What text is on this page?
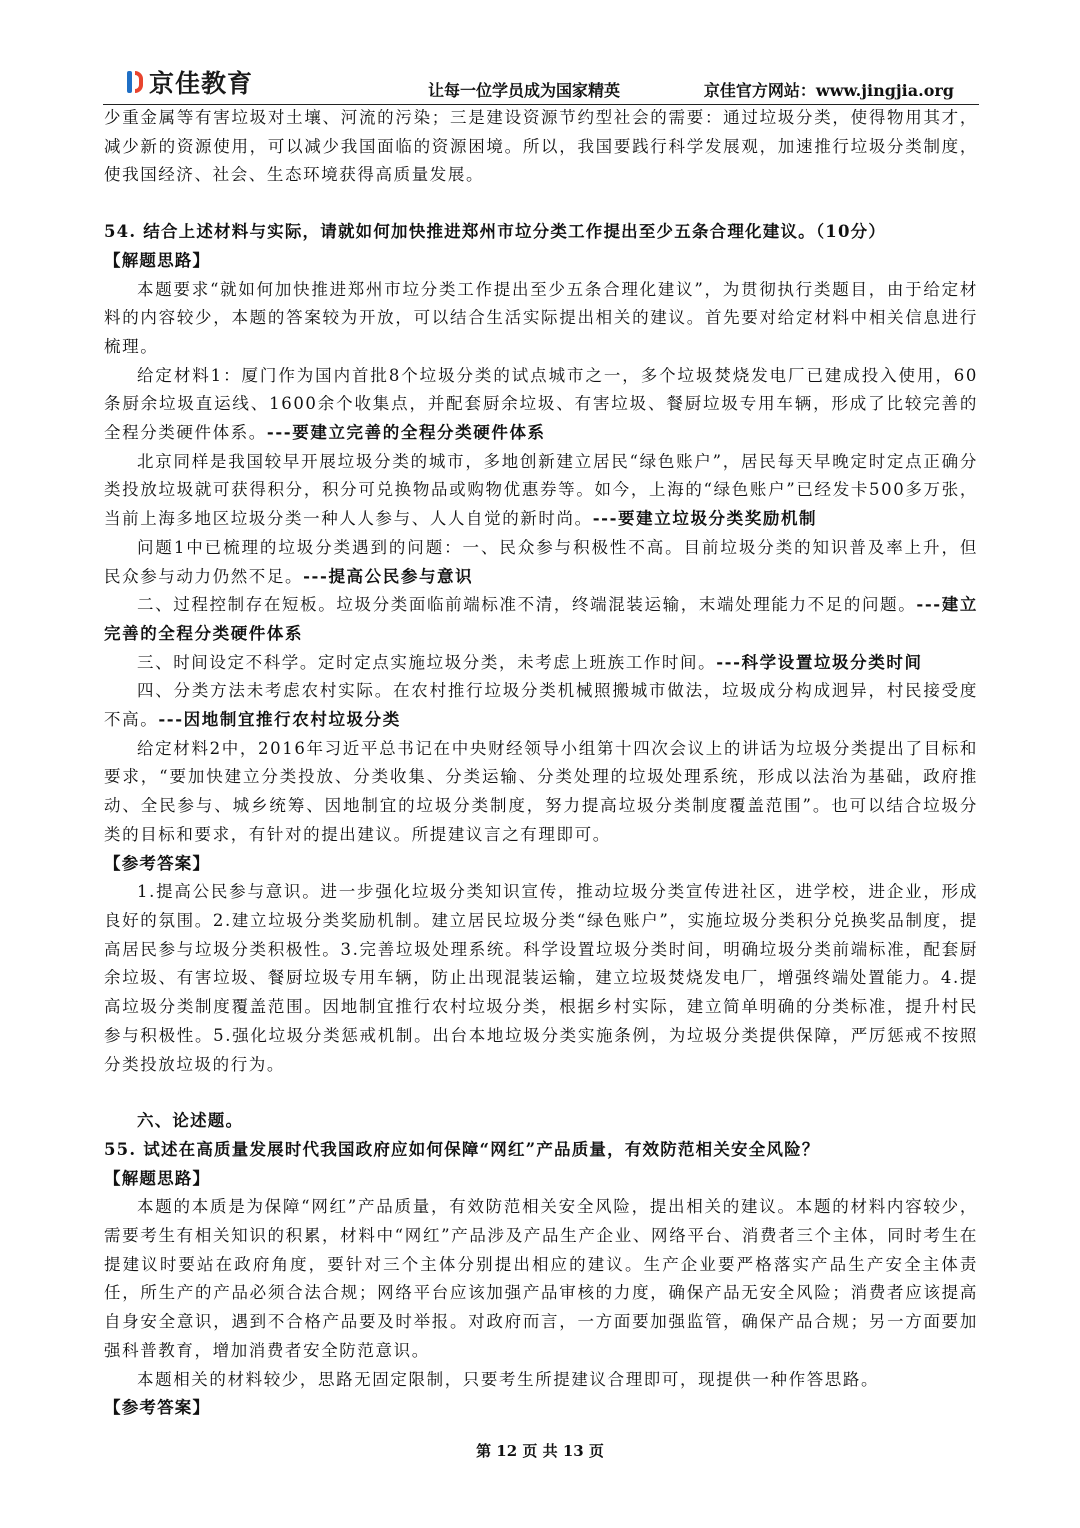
京佳教育	让每一位学员成为国家精英	京佳官方网站：www.jingjia.org

少重金属等有害垃圾对土壤、河流的污染；三是建设资源节约型社会的需要：通过垃圾分类，使得物用其才，减少新的资源使用，可以减少我国面临的资源困境。所以，我国要践行科学发展观，加速推行垃圾分类制度，使我国经济、社会、生态环境获得高质量发展。

54. 结合上述材料与实际，请就如何加快推进郑州市垃分类工作提出至少五条合理化建议。（10分）

【解题思路】

本题要求“就如何加快推进郑州市垃分类工作提出至少五条合理化建议”，为贯彻执行类题目，由于给定材料的内容较少，本题的答案较为开放，可以结合生活实际提出相关的建议。首先要对给定材料中相关信息进行梳理。

给定材料1：厦门作为国内首批8个垃圾分类的试点城市之一，多个垃圾焚烧发电厂已建成投入使用，60条厨余垃圾直运线、1600余个收集点，并配套厨余垃圾、有害垃圾、餐厨垃圾专用车辆，形成了比较完善的全程分类硬件体系。---要建立完善的全程分类硬件体系

北京同样是我国较早开展垃圾分类的城市，多地创新建立居民“绿色账户”，居民每天早晚定时定点正确分类投放垃圾就可获得积分，积分可兑换物品或购物优惠券等。如今，上海的“绿色账户”已经发卡500多万张，当前上海多地区垃圾分类一种人人参与、人人自觉的新时尚。---要建立垃圾分类奖励机制

问题1中已梳理的垃圾分类遇到的问题：一、民众参与积极性不高。目前垃圾分类的知识普及率上升，但民众参与动力仍然不足。---提高公民参与意识

二、过程控制存在短板。垃圾分类面临前端标准不清，终端混装运输，末端处理能力不足的问题。---建立完善的全程分类硬件体系

三、时间设定不科学。定时定点实施垃圾分类，未考虑上班族工作时间。---科学设置垃圾分类时间

四、分类方法未考虑农村实际。在农村推行垃圾分类机械照搬城市做法，垃圾成分构成迥异，村民接受度不高。---因地制宜推行农村垃圾分类

给定材料2中，2016年习近平总书记在中央财经领导小组第十四次会议上的讲话为垃圾分类提出了目标和要求，“要加快建立分类投放、分类收集、分类运输、分类处理的垃圾处理系统，形成以法治为基础，政府推动、全民参与、城乡统筹、因地制宜的垃圾分类制度，努力提高垃圾分类制度覆盖范围”。也可以结合垃圾分类的目标和要求，有针对的提出建议。所提建议言之有理即可。

【参考答案】

1.提高公民参与意识。进一步强化垃圾分类知识宣传，推动垃圾分类宣传进社区，进学校，进企业，形成良好的氛围。2.建立垃圾分类奖励机制。建立居民垃圾分类“绿色账户”，实施垃圾分类积分兑换奖品制度，提高居民参与垃圾分类积极性。3.完善垃圾处理系统。科学设置垃圾分类时间，明确垃圾分类前端标准，配套厨余垃圾、有害垃圾、餐厨垃圾专用车辆，防止出现混装运输，建立垃圾焚烧发电厂，增强终端处置能力。4.提高垃圾分类制度覆盖范围。因地制宜推行农村垃圾分类，根据乡村实际，建立简单明确的分类标准，提升村民参与积极性。5.强化垃圾分类惩戒机制。出台本地垃圾分类实施条例，为垃圾分类提供保障，严厉惩戒不按照分类投放垃圾的行为。

六、论述题。

55. 试述在高质量发展时代我国政府应如何保障“网红”产品质量，有效防范相关安全风险？

【解题思路】

本题的本质是为保障“网红”产品质量，有效防范相关安全风险，提出相关的建议。本题的材料内容较少，需要考生有相关知识的积累，材料中“网红”产品涉及产品生产企业、网络平台、消费者三个主体，同时考生在提建议时要站在政府角度，要针对三个主体分别提出相应的建议。生产企业要严格落实产品生产安全主体责任，所生产的产品必须合法合规；网络平台应该加强产品审核的力度，确保产品无安全风险；消费者应该提高自身安全意识，遇到不合格产品要及时举报。对政府而言，一方面要加强监管，确保产品合规；另一方面要加强科普教育，增加消费者安全防范意识。

本题相关的材料较少，思路无固定限制，只要考生所提建议合理即可，现提供一种作答思路。

【参考答案】

第 12 页 共 13 页
